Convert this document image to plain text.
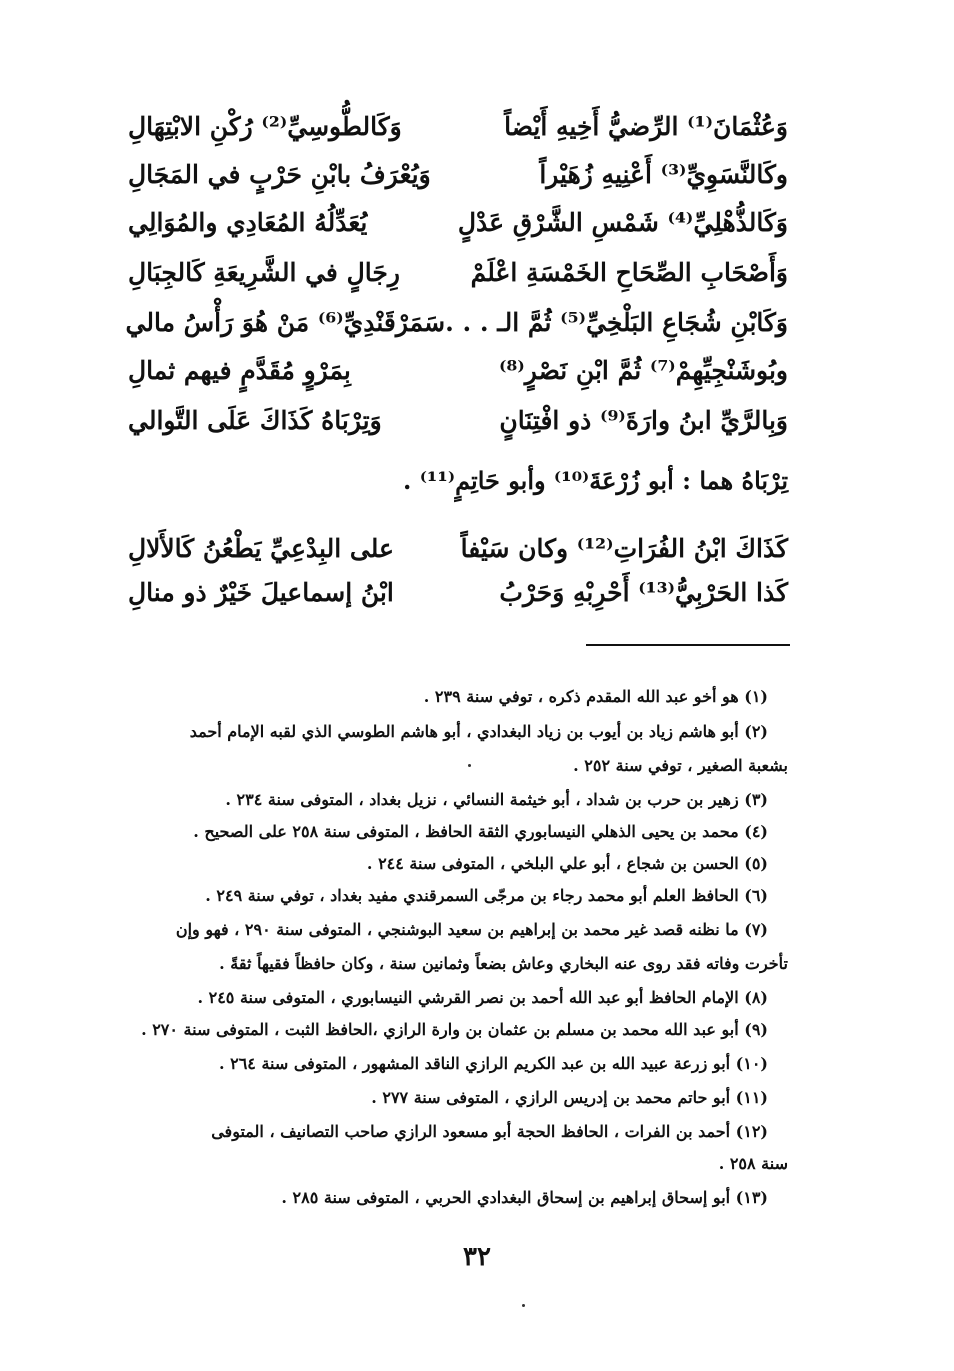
وَعُثْمَانَ⁽¹⁾ الرِّضيُّ أَخِيهِ أَيْضاً
وَكَالطُّوسِيِّ⁽²⁾ رُكْنِ الابْتِهَالِ
وكَالنَّسَوِيِّ⁽³⁾ أَعْنِيهِ زُهَيْراً
وَيُعْرَفُ بابْنِ حَرْبٍ في المَجَالِ
وَكَالذُّهْلِيِّ⁽⁴⁾ شَمْسِ الشَّرْقِ عَدْلٍ
يُعَدِّلُهُ المُعَادِي والمُوَالِي
وَأَصْحَابِ الصِّحَاحِ الخَمْسَةِ اعْلَمْ
رِجَالٍ في الشَّرِيعَةِ كَالجِبَالِ
وَكَابْنِ شُجَاعِ البَلْخِيِّ⁽⁵⁾ ثُمَّ الـ . . .
سَمَرْقَنْدِيِّ⁽⁶⁾ مَنْ هُوَ رَأْسُ مالي
وبُوشَنْجِيِّهِمْ⁽⁷⁾ ثُمَّ ابْنِ نَصْرٍ⁽⁸⁾
بِمَرْوٍ مُقَدَّمٍ فيهم ثمالِ
وَبِالرَّيِّ ابنُ وارَةَ⁽⁹⁾ ذو افْتِنَانٍ
وَتِرْبَاهُ كَذَاكَ عَلَى التَّوالي
تِرْبَاهُ هما : أبو زُرْعَةَ⁽¹⁰⁾ وأبو حَاتِمٍ⁽¹¹⁾ .
كَذَاكَ ابْنُ الفُرَاتِ⁽¹²⁾ وكان سَيْفاً
على البِدْعِيِّ يَطْعُنُ كَالأَلالِ
كَذا الحَرْبِيُّ⁽¹³⁾ أَحْرِبْهِ وَحَرْبُ
ابْنُ إسماعيلَ خَيْرٌ ذو منالِ
(١) هو أخو عبد الله المقدم ذكره ، توفي سنة ٢٣٩ .
(٢) أبو هاشم زياد بن أيوب بن زياد البغدادي ، أبو هاشم الطوسي الذي لقبه الإمام أحمد
بشعبة الصغير ، توفي سنة ٢٥٢ .
(٣) زهير بن حرب بن شداد ، أبو خيثمة النسائي ، نزيل بغداد ، المتوفى سنة ٢٣٤ .
(٤) محمد بن يحيى الذهلي النيسابوري الثقة الحافظ ، المتوفى سنة ٢٥٨ على الصحيح .
(٥) الحسن بن شجاع ، أبو علي البلخي ، المتوفى سنة ٢٤٤ .
(٦) الحافظ العلم أبو محمد رجاء بن مرجّى السمرقندي مفيد بغداد ، توفي سنة ٢٤٩ .
(٧) ما نظنه قصد غير محمد بن إبراهيم بن سعيد البوشنجي ، المتوفى سنة ٢٩٠ ، فهو وإن
تأخرت وفاته فقد روى عنه البخاري وعاش بضعاً وثمانين سنة ، وكان حافظاً فقيهاً ثقةً .
(٨) الإمام الحافظ أبو عبد الله أحمد بن نصر القرشي النيسابوري ، المتوفى سنة ٢٤٥ .
(٩) أبو عبد الله محمد بن مسلم بن عثمان بن وارة الرازي ،الحافظ الثبت ، المتوفى سنة ٢٧٠ .
(١٠) أبو زرعة عبيد الله بن عبد الكريم الرازي الناقد المشهور ، المتوفى سنة ٢٦٤ .
(١١) أبو حاتم محمد بن إدريس الرازي ، المتوفى سنة ٢٧٧ .
(١٢) أحمد بن الفرات ، الحافظ الحجة أبو مسعود الرازي صاحب التصانيف ، المتوفى
سنة ٢٥٨ .
(١٣) أبو إسحاق إبراهيم بن إسحاق البغدادي الحربي ، المتوفى سنة ٢٨٥ .
٣٢
